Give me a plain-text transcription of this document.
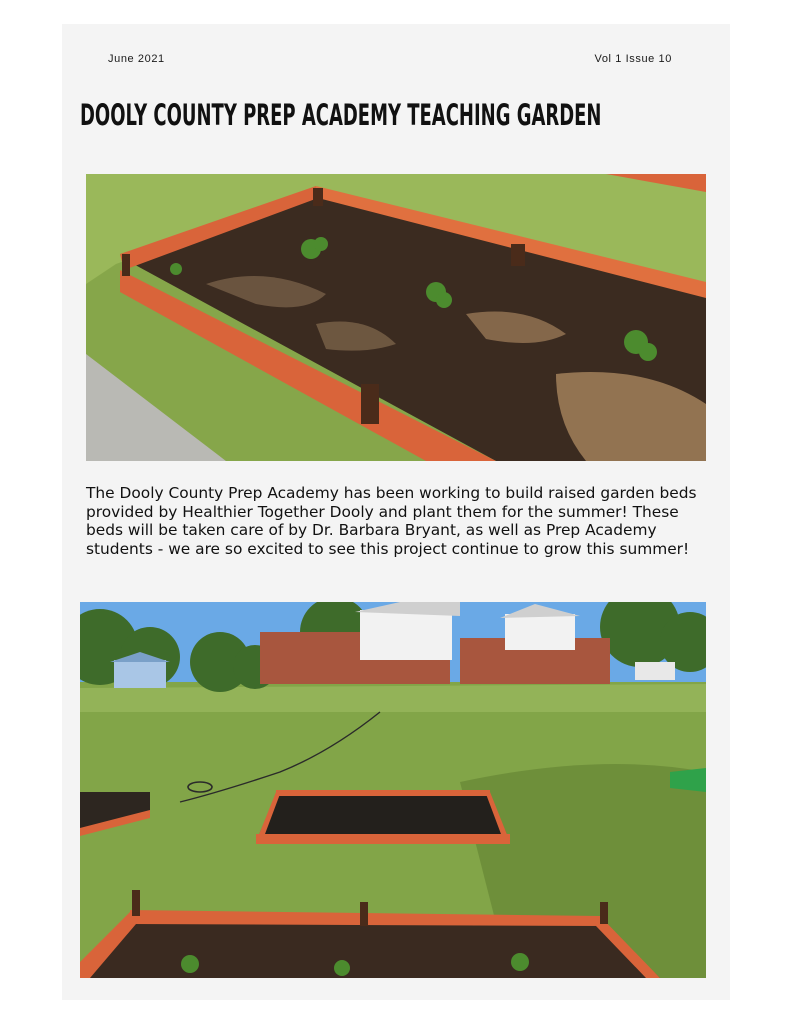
June 2021	Vol 1 Issue 10
DOOLY COUNTY PREP ACADEMY TEACHING GARDEN
The Dooly County Prep Academy has been working to build raised garden beds provided by Healthier Together Dooly and plant them for the summer! These beds will be taken care of by Dr. Barbara Bryant, as well as Prep Academy students - we are so excited to see this project continue to grow this summer!
